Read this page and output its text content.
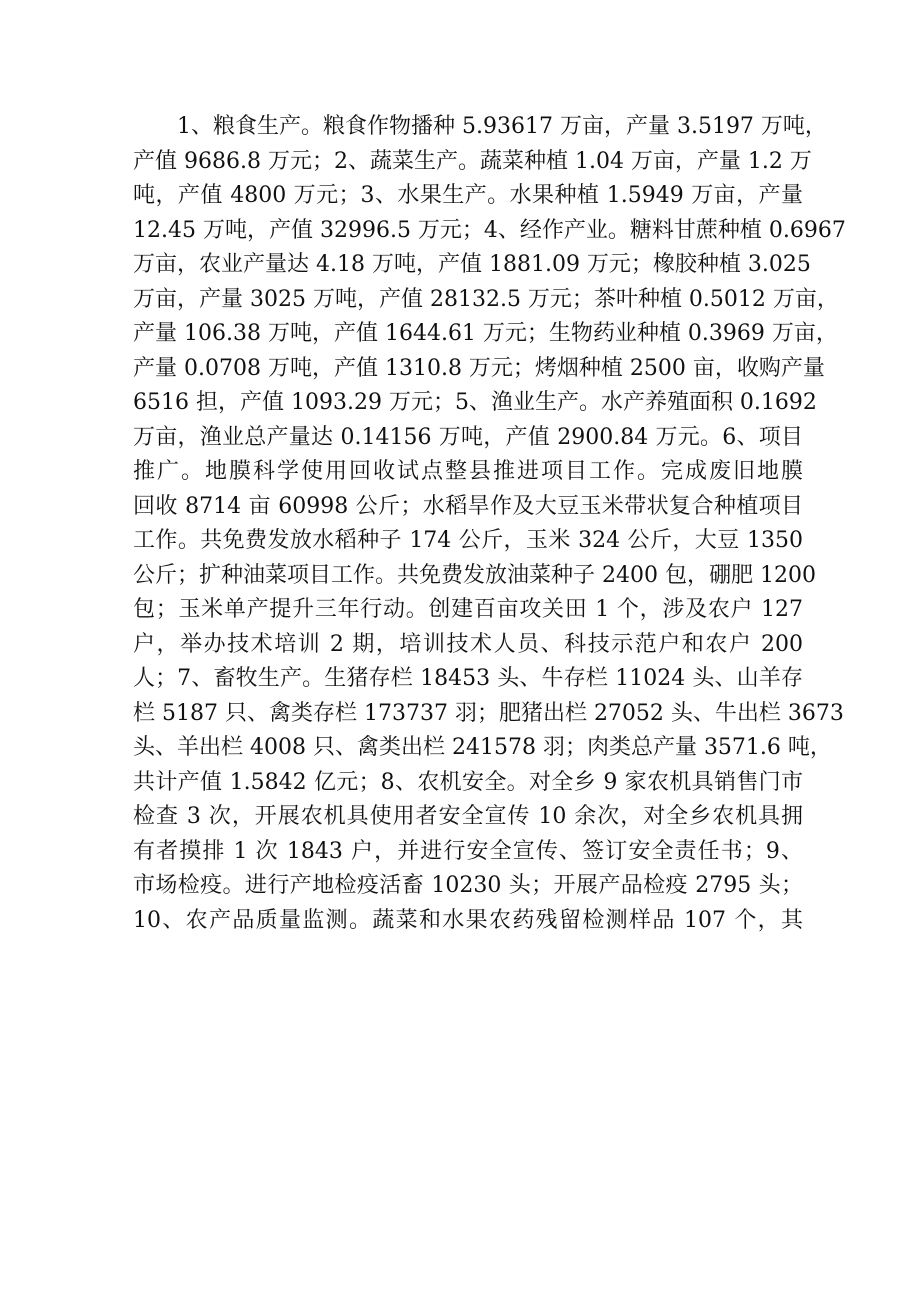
1、粮食生产。粮食作物播种 5.93617 万亩，产量 3.5197 万吨，
产值 9686.8 万元；2、蔬菜生产。蔬菜种植 1.04 万亩，产量 1.2 万
吨，产值 4800 万元；3、水果生产。水果种植 1.5949 万亩，产量
12.45 万吨，产值 32996.5 万元；4、经作产业。糖料甘蔗种植 0.6967
万亩，农业产量达 4.18 万吨，产值 1881.09 万元；橡胶种植 3.025
万亩，产量 3025 万吨，产值 28132.5 万元；茶叶种植 0.5012 万亩，
产量 106.38 万吨，产值 1644.61 万元；生物药业种植 0.3969 万亩，
产量 0.0708 万吨，产值 1310.8 万元；烤烟种植 2500 亩，收购产量
6516 担，产值 1093.29 万元；5、渔业生产。水产养殖面积 0.1692
万亩，渔业总产量达 0.14156 万吨，产值 2900.84 万元。6、项目
推广。地膜科学使用回收试点整县推进项目工作。完成废旧地膜
回收 8714 亩 60998 公斤；水稻旱作及大豆玉米带状复合种植项目
工作。共免费发放水稻种子 174 公斤，玉米 324 公斤，大豆 1350
公斤；扩种油菜项目工作。共免费发放油菜种子 2400 包，硼肥 1200
包；玉米单产提升三年行动。创建百亩攻关田 1 个，涉及农户 127
户，举办技术培训 2 期，培训技术人员、科技示范户和农户 200
人；7、畜牧生产。生猪存栏 18453 头、牛存栏 11024 头、山羊存
栏 5187 只、禽类存栏 173737 羽；肥猪出栏 27052 头、牛出栏 3673
头、羊出栏 4008 只、禽类出栏 241578 羽；肉类总产量 3571.6 吨，
共计产值 1.5842 亿元；8、农机安全。对全乡 9 家农机具销售门市
检查 3 次，开展农机具使用者安全宣传 10 余次，对全乡农机具拥
有者摸排 1 次 1843 户，并进行安全宣传、签订安全责任书；9、
市场检疫。进行产地检疫活畜 10230 头；开展产品检疫 2795 头；
10、农产品质量监测。蔬菜和水果农药残留检测样品 107 个，其
